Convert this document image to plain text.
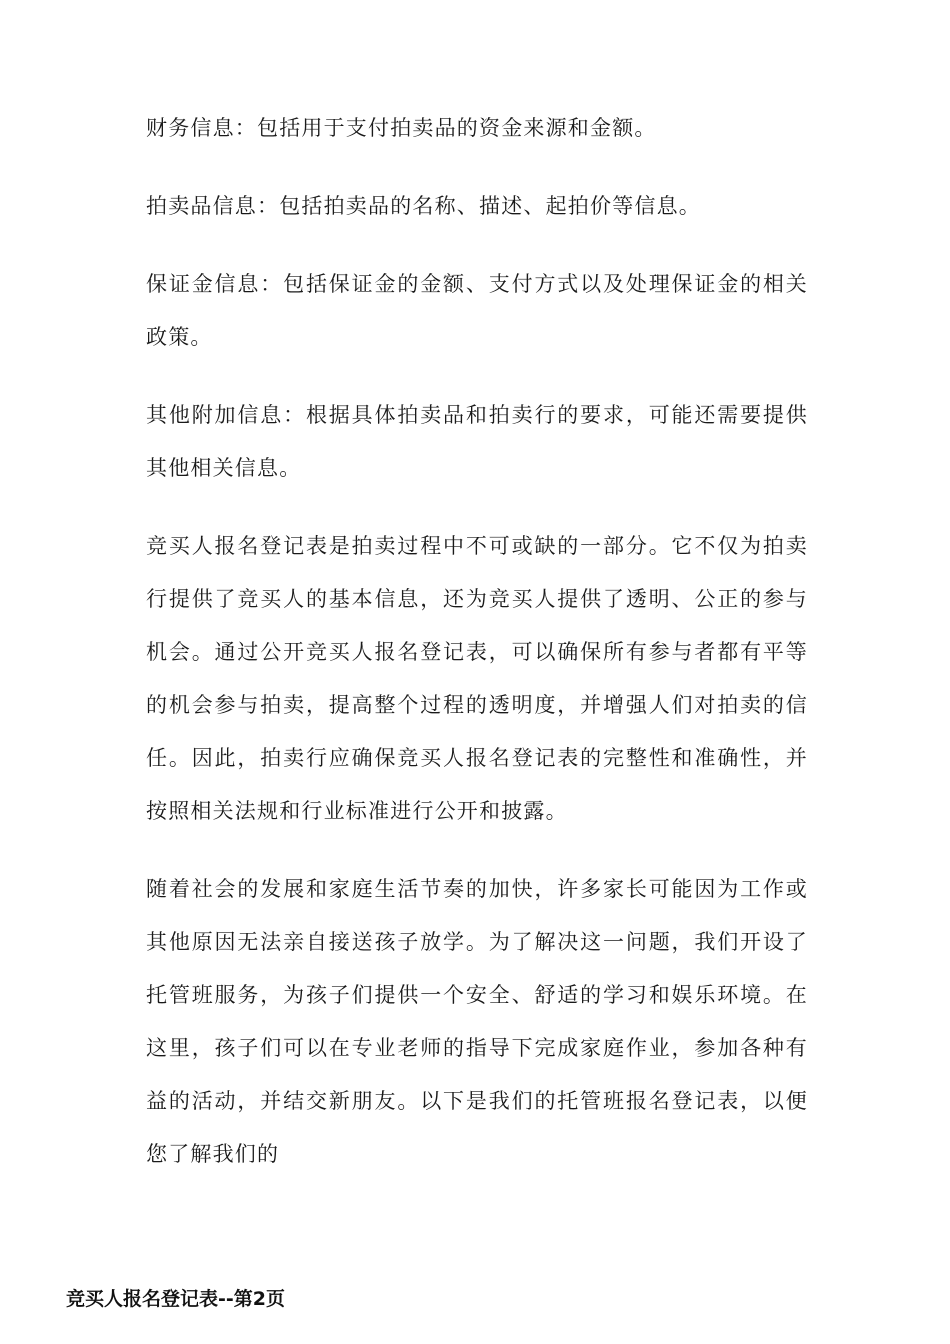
财务信息：包括用于支付拍卖品的资金来源和金额。

拍卖品信息：包括拍卖品的名称、描述、起拍价等信息。

保证金信息：包括保证金的金额、支付方式以及处理保证金的相关政策。

其他附加信息：根据具体拍卖品和拍卖行的要求，可能还需要提供其他相关信息。

竞买人报名登记表是拍卖过程中不可或缺的一部分。它不仅为拍卖行提供了竞买人的基本信息，还为竞买人提供了透明、公正的参与机会。通过公开竞买人报名登记表，可以确保所有参与者都有平等的机会参与拍卖，提高整个过程的透明度，并增强人们对拍卖的信任。因此，拍卖行应确保竞买人报名登记表的完整性和准确性，并按照相关法规和行业标准进行公开和披露。

随着社会的发展和家庭生活节奏的加快，许多家长可能因为工作或其他原因无法亲自接送孩子放学。为了解决这一问题，我们开设了托管班服务，为孩子们提供一个安全、舒适的学习和娱乐环境。在这里，孩子们可以在专业老师的指导下完成家庭作业，参加各种有益的活动，并结交新朋友。以下是我们的托管班报名登记表，以便您了解我们的

竞买人报名登记表--第2页
